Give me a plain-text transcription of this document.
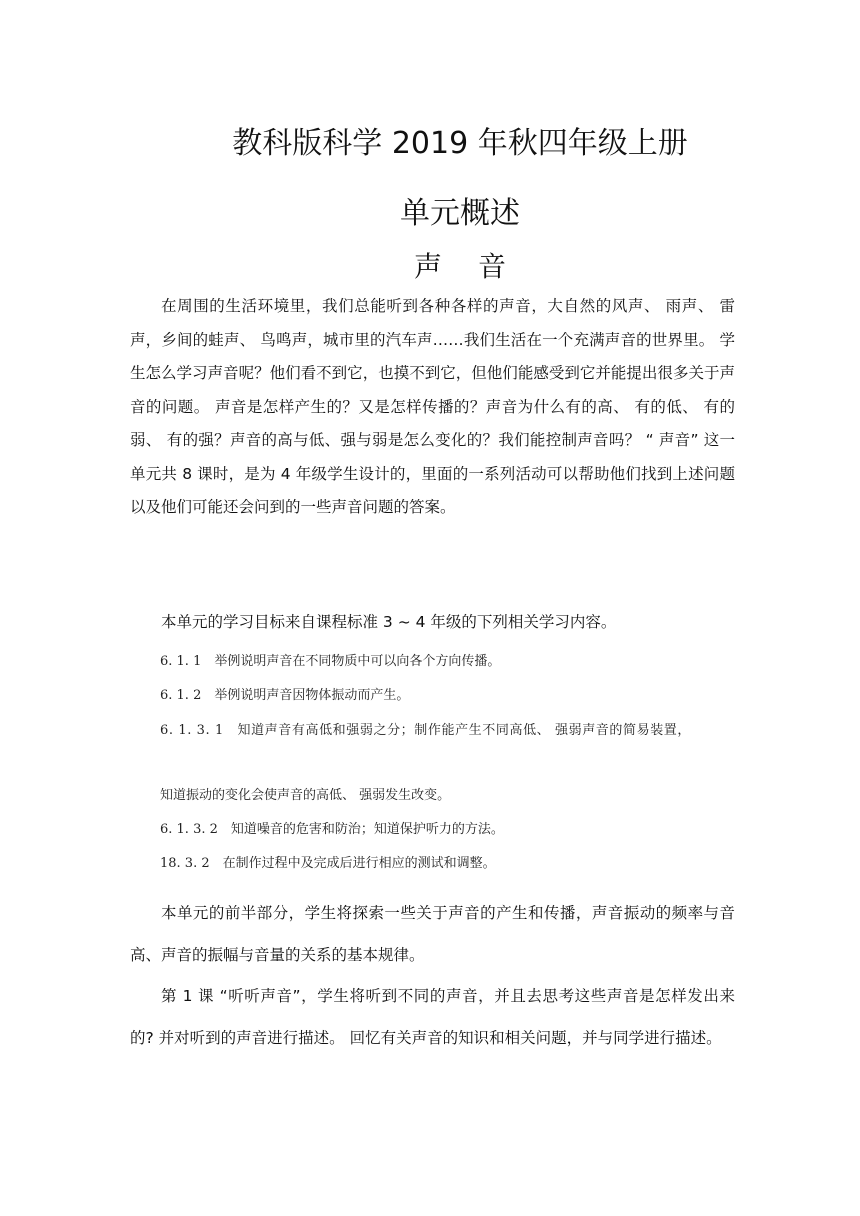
教科版科学 2019 年秋四年级上册
单元概述
声音

在周围的生活环境里，我们总能听到各种各样的声音，大自然的风声、 雨声、 雷声，乡间的蛙声、 鸟鸣声，城市里的汽车声……我们生活在一个充满声音的世界里。 学生怎么学习声音呢？他们看不到它，也摸不到它，但他们能感受到它并能提出很多关于声音的问题。 声音是怎样产生的？又是怎样传播的？声音为什么有的高、 有的低、 有的弱、 有的强？声音的高与低、强与弱是怎么变化的？我们能控制声音吗？ “ 声音” 这一单元共 8 课时，是为 4 年级学生设计的，里面的一系列活动可以帮助他们找到上述问题以及他们可能还会问到的一些声音问题的答案。

本单元的学习目标来自课程标准 3 ~ 4 年级的下列相关学习内容。

6. 1. 1　举例说明声音在不同物质中可以向各个方向传播。

6. 1. 2　举例说明声音因物体振动而产生。

6. 1. 3. 1　知道声音有高低和强弱之分；制作能产生不同高低、 强弱声音的简易装置，

知道振动的变化会使声音的高低、 强弱发生改变。

6. 1. 3. 2　知道噪音的危害和防治；知道保护听力的方法。

18. 3. 2　在制作过程中及完成后进行相应的测试和调整。

本单元的前半部分，学生将探索一些关于声音的产生和传播，声音振动的频率与音高、声音的振幅与音量的关系的基本规律。

第 1 课 “听听声音”，学生将听到不同的声音，并且去思考这些声音是怎样发出来的? 并对听到的声音进行描述。 回忆有关声音的知识和相关问题，并与同学进行描述。
